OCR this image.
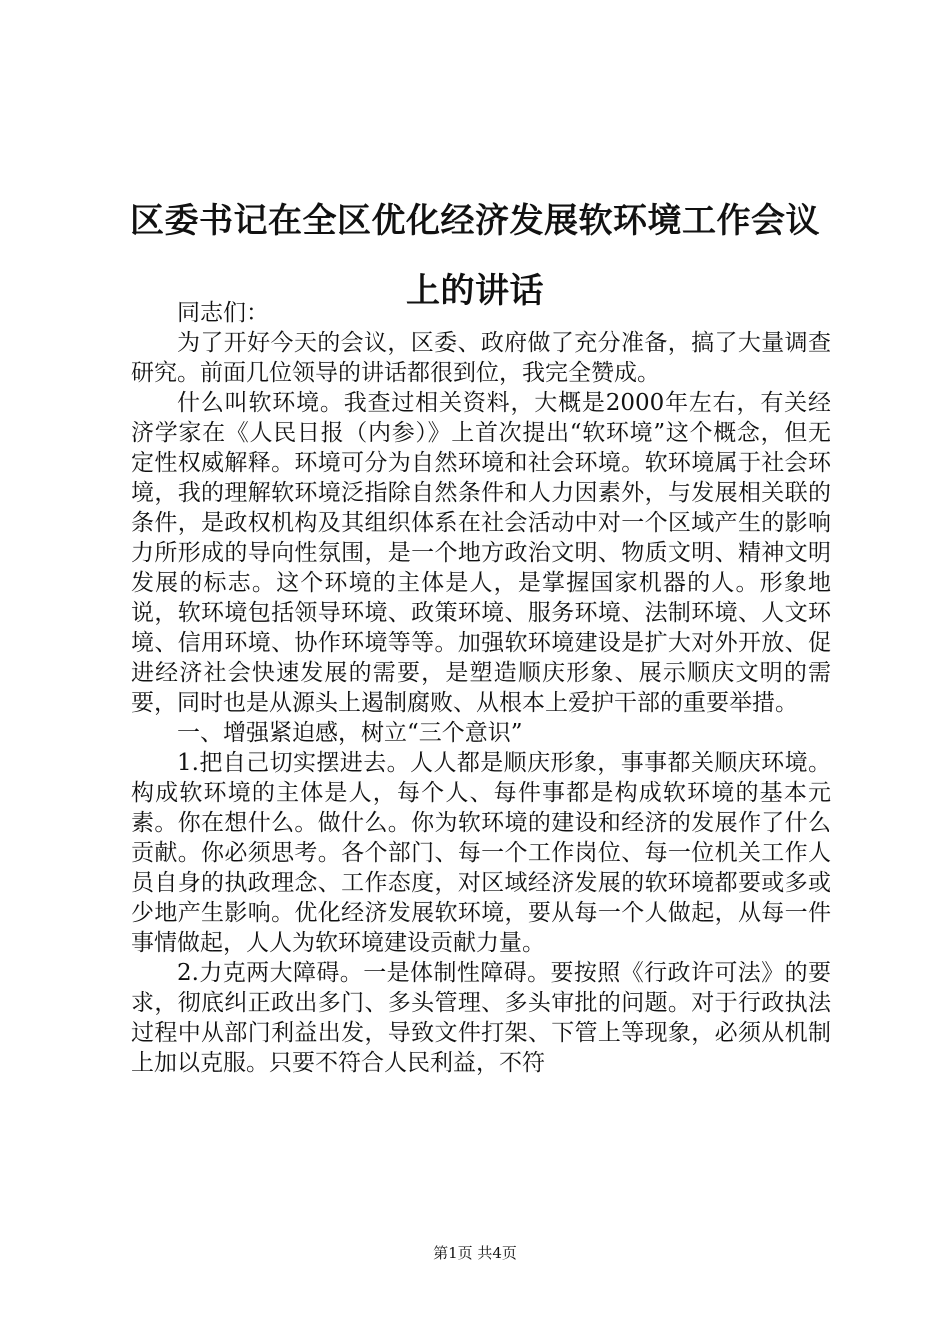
区委书记在全区优化经济发展软环境工作会议
上的讲话

同志们：

为了开好今天的会议，区委、政府做了充分准备，搞了大量调查研究。前面几位领导的讲话都很到位，我完全赞成。

什么叫软环境。我查过相关资料，大概是2000年左右，有关经济学家在《人民日报（内参）》上首次提出“软环境”这个概念，但无定性权威解释。环境可分为自然环境和社会环境。软环境属于社会环境，我的理解软环境泛指除自然条件和人力因素外，与发展相关联的条件，是政权机构及其组织体系在社会活动中对一个区域产生的影响力所形成的导向性氛围，是一个地方政治文明、物质文明、精神文明发展的标志。这个环境的主体是人，是掌握国家机器的人。形象地说，软环境包括领导环境、政策环境、服务环境、法制环境、人文环境、信用环境、协作环境等等。加强软环境建设是扩大对外开放、促进经济社会快速发展的需要，是塑造顺庆形象、展示顺庆文明的需要，同时也是从源头上遏制腐败、从根本上爱护干部的重要举措。

一、增强紧迫感，树立“三个意识”

1.把自己切实摆进去。人人都是顺庆形象，事事都关顺庆环境。构成软环境的主体是人，每个人、每件事都是构成软环境的基本元素。你在想什么。做什么。你为软环境的建设和经济的发展作了什么贡献。你必须思考。各个部门、每一个工作岗位、每一位机关工作人员自身的执政理念、工作态度，对区域经济发展的软环境都要或多或少地产生影响。优化经济发展软环境，要从每一个人做起，从每一件事情做起，人人为软环境建设贡献力量。

2.力克两大障碍。一是体制性障碍。要按照《行政许可法》的要求，彻底纠正政出多门、多头管理、多头审批的问题。对于行政执法过程中从部门利益出发，导致文件打架、下管上等现象，必须从机制上加以克服。只要不符合人民利益，不符

第1页 共4页
